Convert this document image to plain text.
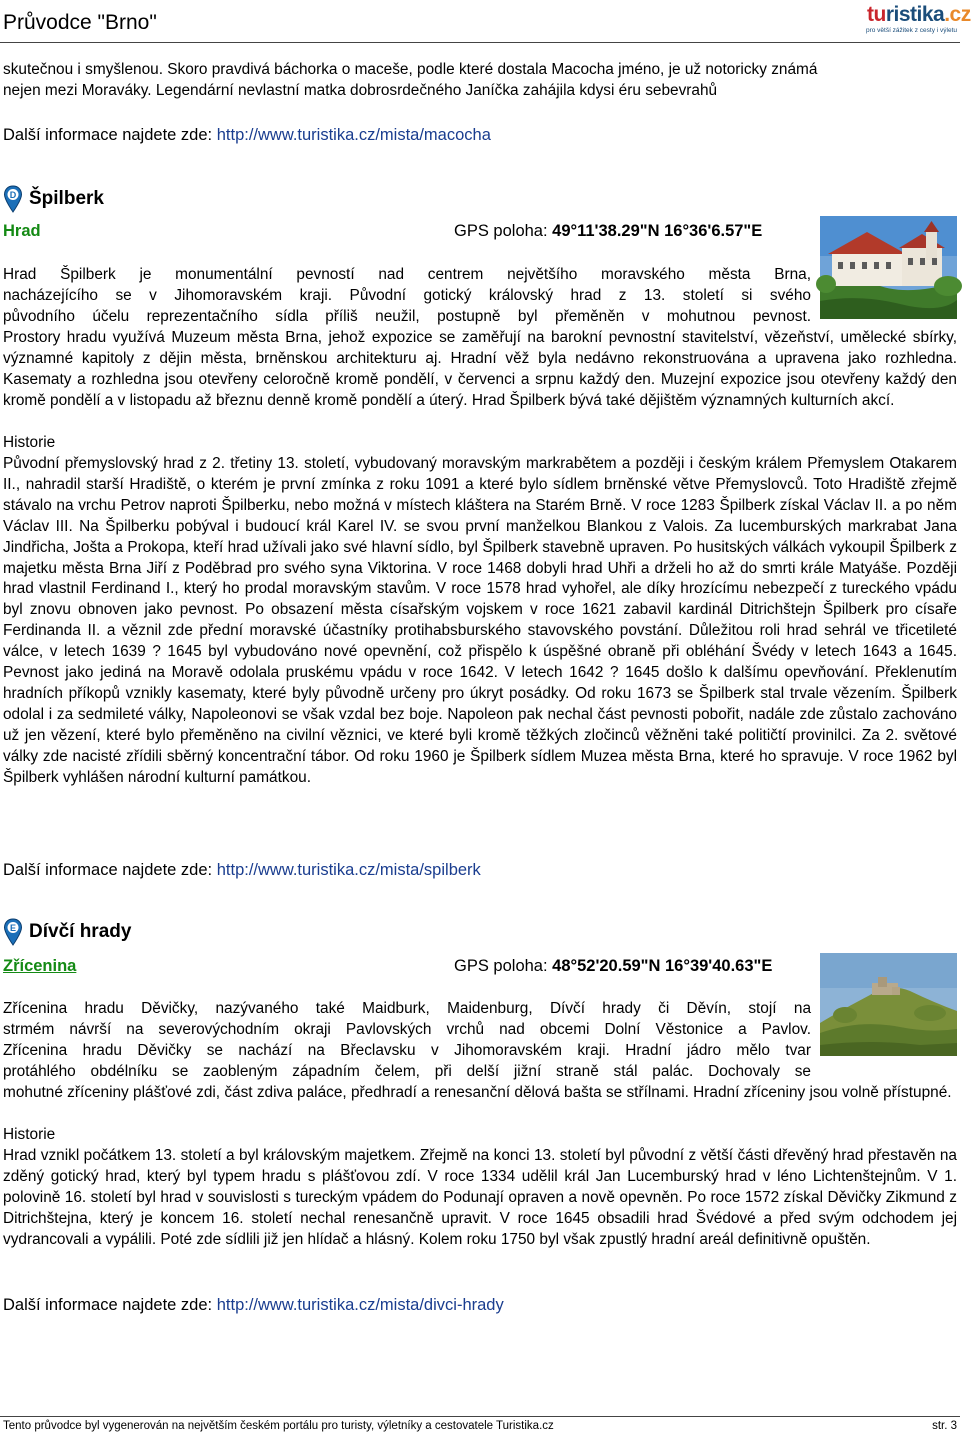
Průvodce "Brno"	turistika.cz
pro větší zážitek z cesty i výletu
skutečnou i smyšlenou. Skoro pravdivá báchorka o maceše, podle které dostala Macocha jméno, je už notoricky známá
nejen mezi Moraváky. Legendární nevlastní matka dobrosrdečného Janíčka zahájila kdysi éru sebevrahů
Další informace najdete zde: http://www.turistika.cz/mista/macocha
D Špilberk
Hrad	GPS poloha: 49°11'38.29"N 16°36'6.57"E
Hrad Špilberk je monumentální pevností nad centrem největšího moravského města Brna,
nacházejícího se v Jihomoravském kraji. Původní gotický královský hrad z 13. století si svého
původního účelu reprezentačního sídla příliš neužil, postupně byl přeměněn v mohutnou pevnost.
Prostory hradu využívá Muzeum města Brna, jehož expozice se zaměřují na barokní pevnostní stavitelství, vězeňství, umělecké sbírky, významné kapitoly z dějin města, brněnskou architekturu aj. Hradní věž byla nedávno rekonstruována a upravena jako rozhledna. Kasematy a rozhledna jsou otevřeny celoročně kromě pondělí, v červenci a srpnu každý den. Muzejní expozice jsou otevřeny každý den kromě pondělí a v listopadu až březnu denně kromě pondělí a úterý. Hrad Špilberk bývá také dějištěm významných kulturních akcí.
Historie
Původní přemyslovský hrad z 2. třetiny 13. století, vybudovaný moravským markrabětem a později i českým králem Přemyslem Otakarem II., nahradil starší Hradiště, o kterém je první zmínka z roku 1091 a které bylo sídlem brněnské větve Přemyslovců. Toto Hradiště zřejmě stávalo na vrchu Petrov naproti Špilberku, nebo možná v místech kláštera na Starém Brně. V roce 1283 Špilberk získal Václav II. a po něm Václav III. Na Špilberku pobýval i budoucí král Karel IV. se svou první manželkou Blankou z Valois. Za lucemburských markrabat Jana Jindřicha, Jošta a Prokopa, kteří hrad užívali jako své hlavní sídlo, byl Špilberk stavebně upraven. Po husitských válkách vykoupil Špilberk z majetku města Brna Jiří z Poděbrad pro svého syna Viktorina. V roce 1468 dobyli hrad Uhři a drželi ho až do smrti krále Matyáše. Později hrad vlastnil Ferdinand I., který ho prodal moravským stavům. V roce 1578 hrad vyhořel, ale díky hrozícímu nebezpečí z tureckého vpádu byl znovu obnoven jako pevnost. Po obsazení města císařským vojskem v roce 1621 zabavil kardinál Ditrichštejn Špilberk pro císaře Ferdinanda II. a věznil zde přední moravské účastníky protihabsburského stavovského povstání. Důležitou roli hrad sehrál ve třicetileté válce, v letech 1639 ? 1645 byl vybudováno nové opevnění, což přispělo k úspěšné obraně při obléhání Švédy v letech 1643 a 1645. Pevnost jako jediná na Moravě odolala pruskému vpádu v roce 1642. V letech 1642 ? 1645 došlo k dalšímu opevňování. Překlenutím hradních příkopů vznikly kasematy, které byly původně určeny pro úkryt posádky. Od roku 1673 se Špilberk stal trvale vězením. Špilberk odolal i za sedmileté války, Napoleonovi se však vzdal bez boje. Napoleon pak nechal část pevnosti pobořit, nadále zde zůstalo zachováno už jen vězení, které bylo přeměněno na civilní věznici, ve které byli kromě těžkých zločinců věžněni také političtí provinilci. Za 2. světové války zde nacisté zřídili sběrný koncentrační tábor. Od roku 1960 je Špilberk sídlem Muzea města Brna, které ho spravuje. V roce 1962 byl Špilberk vyhlášen národní kulturní památkou.
Další informace najdete zde: http://www.turistika.cz/mista/spilberk
E Dívčí hrady
Zřícenina	GPS poloha: 48°52'20.59"N 16°39'40.63"E
Zřícenina hradu Děvičky, nazývaného také Maidburk, Maidenburg, Dívčí hrady či Děvín, stojí na
strmém návrší na severovýchodním okraji Pavlovských vrchů nad obcemi Dolní Věstonice a Pavlov.
Zřícenina hradu Děvičky se nachází na Břeclavsku v Jihomoravském kraji. Hradní jádro mělo tvar
protáhlého obdélníku se zaobleným západním čelem, při delší jižní straně stál palác. Dochovaly se
mohutné zříceniny plášťové zdi, část zdiva paláce, předhradí a renesanční dělová bašta se střílnami. Hradní zříceniny jsou volně přístupné.
Historie
Hrad vznikl počátkem 13. století a byl královským majetkem. Zřejmě na konci 13. století byl původní z větší části dřevěný hrad přestavěn na zděný gotický hrad, který byl typem hradu s plášťovou zdí. V roce 1334 udělil král Jan Lucemburský hrad v léno Lichtenštejnům. V 1. polovině 16. století byl hrad v souvislosti s tureckým vpádem do Podunají opraven a nově opevněn. Po roce 1572 získal Děvičky Zikmund z Ditrichštejna, který je koncem 16. století nechal renesančně upravit. V roce 1645 obsadili hrad Švédové a před svým odchodem jej vydrancovali a vypálili. Poté zde sídlili již jen hlídač a hlásný. Kolem roku 1750 byl však zpustlý hradní areál definitivně opuštěn.
Další informace najdete zde: http://www.turistika.cz/mista/divci-hrady
Tento průvodce byl vygenerován na největším českém portálu pro turisty, výletníky a cestovatele Turistika.cz	str. 3
